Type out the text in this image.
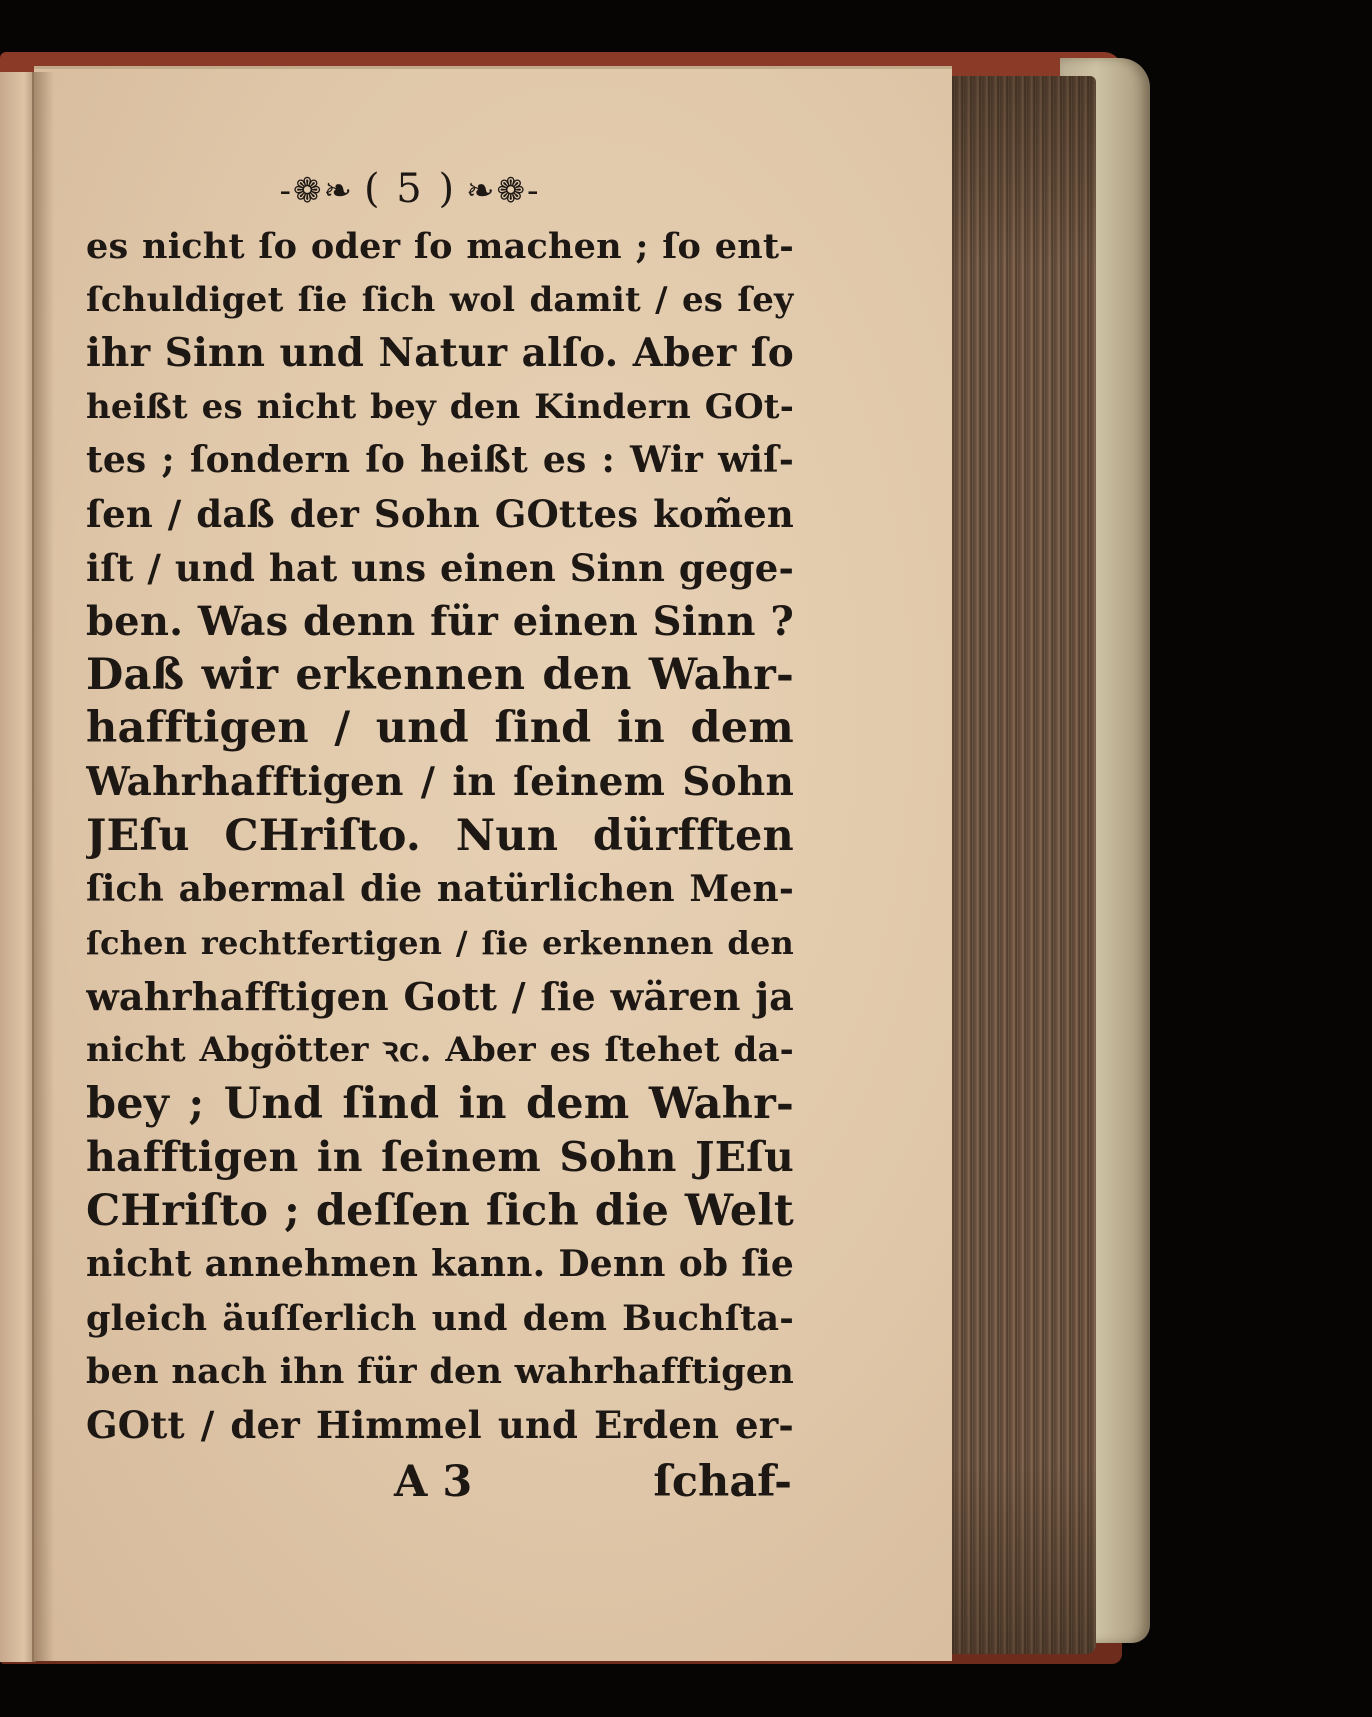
-❁❧ ( 5 ) ❧❁-
es nicht ſo oder ſo machen ; ſo ent-
ſchuldiget ſie ſich wol damit / es ſey
ihr Sinn und Natur alſo. Aber ſo
heißt es nicht bey den Kindern GOt-
tes ; ſondern ſo heißt es : Wir wiſ-
ſen / daß der Sohn GOttes kom̃en
iſt / und hat uns einen Sinn gege-
ben. Was denn für einen Sinn ?
Daß wir erkennen den Wahr-
hafftigen / und ſind in dem
Wahrhafftigen / in ſeinem Sohn
JEſu CHriſto. Nun dürfften
ſich abermal die natürlichen Men-
ſchen rechtfertigen / ſie erkennen den
wahrhafftigen Gott / ſie wären ja
nicht Abgötter ꝛc. Aber es ſtehet da-
bey ; Und ſind in dem Wahr-
hafftigen in ſeinem Sohn JEſu
CHriſto ; deſſen ſich die Welt
nicht annehmen kann. Denn ob ſie
gleich äuſſerlich und dem Buchſta-
ben nach ihn für den wahrhafftigen
GOtt / der Himmel und Erden er-
A 3	ſchaf-
